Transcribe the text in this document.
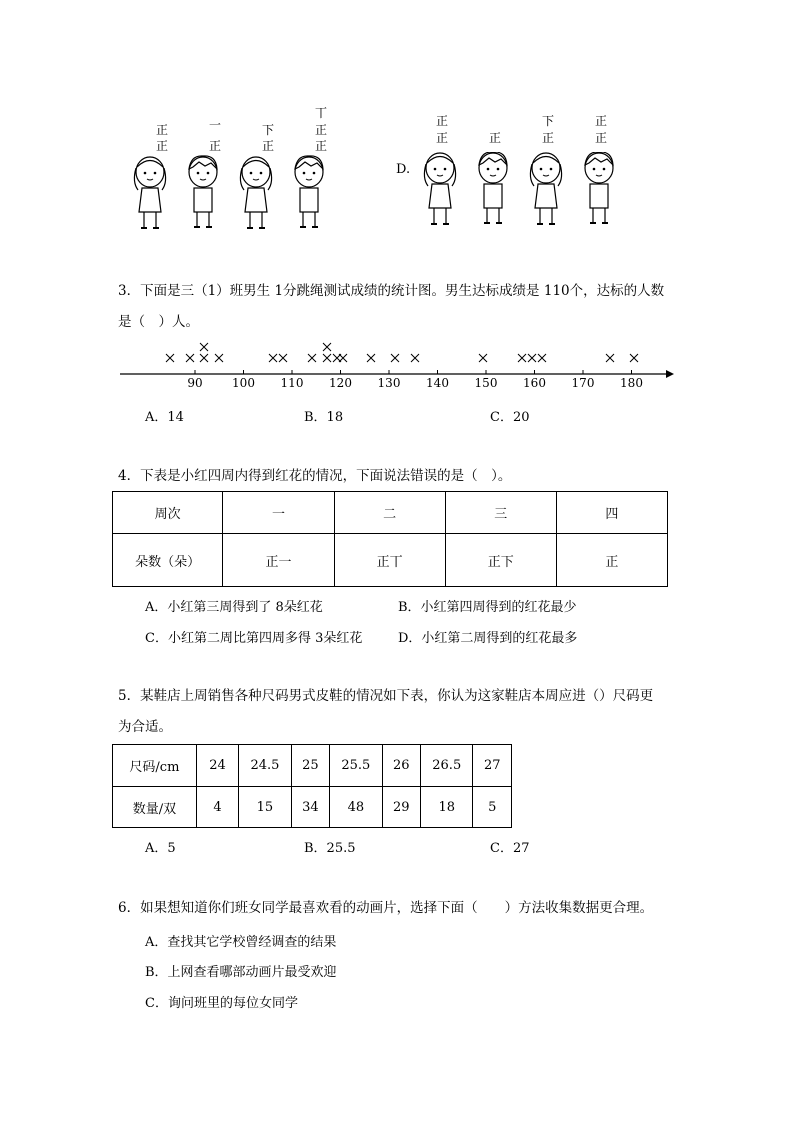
正
正
一
正
下
正
丅
正
正
D.
正
正	正
下
正
正
正
3．下面是三（1）班男生 1分跳绳测试成绩的统计图。男生达标成绩是 110个，达标的人数
是（　）人。
90 100 110 120 130 140 150 160 170 180
A．14	B．18	C．20
4．下表是小红四周内得到红花的情况，下面说法错误的是（　）。
周次	一	二	三	四
朵数（朵）	正一	正丅	正下	正
A．小红第三周得到了 8朵红花	B．小红第四周得到的红花最少
C．小红第二周比第四周多得 3朵红花	D．小红第二周得到的红花最多
5．某鞋店上周销售各种尺码男式皮鞋的情况如下表，你认为这家鞋店本周应进（）尺码更
为合适。
尺码/cm	24	24.5	25	25.5	26	26.5	27
数量/双	4	15	34	48	29	18	5
A．5	B．25.5	C．27
6．如果想知道你们班女同学最喜欢看的动画片，选择下面（　　）方法收集数据更合理。
A．查找其它学校曾经调查的结果
B．上网查看哪部动画片最受欢迎
C．询问班里的每位女同学
